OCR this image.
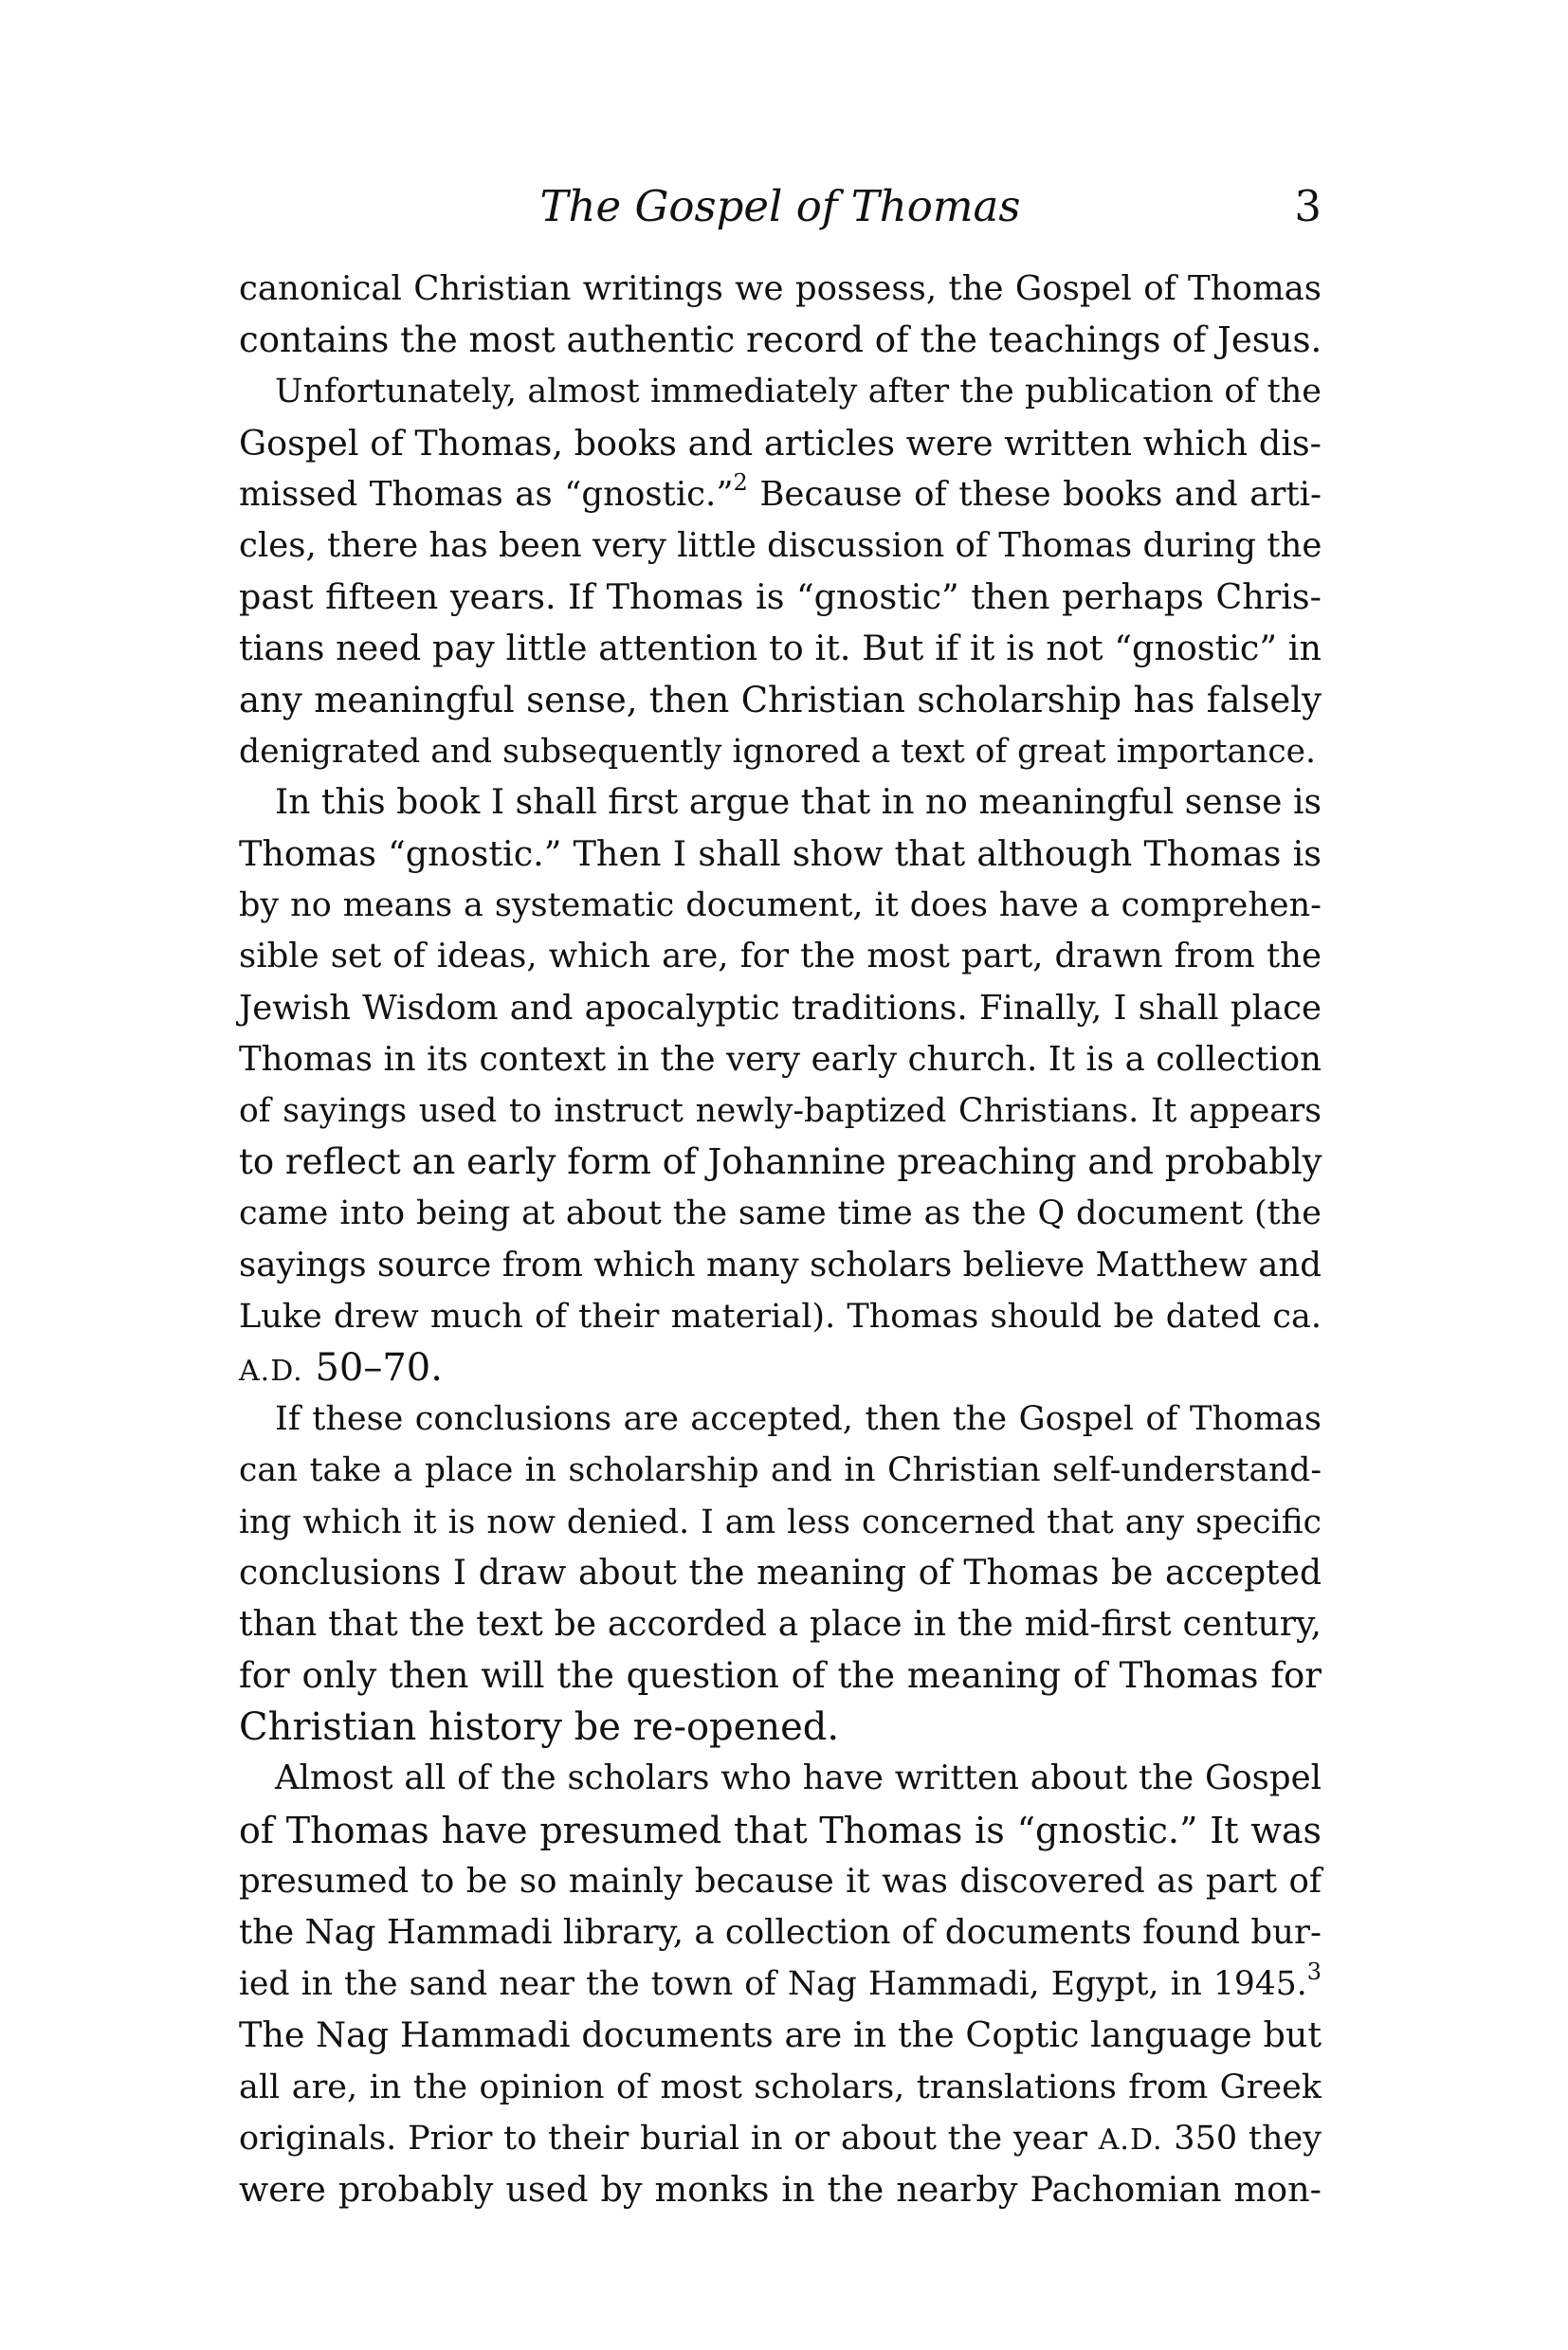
The Gospel of Thomas	3
canonical Christian writings we possess, the Gospel of Thomas
contains the most authentic record of the teachings of Jesus.
Unfortunately, almost immediately after the publication of the
Gospel of Thomas, books and articles were written which dis-
missed Thomas as “gnostic.”$^2$ Because of these books and arti-
cles, there has been very little discussion of Thomas during the
past fifteen years. If Thomas is “gnostic” then perhaps Chris-
tians need pay little attention to it. But if it is not “gnostic” in
any meaningful sense, then Christian scholarship has falsely
denigrated and subsequently ignored a text of great importance.
In this book I shall first argue that in no meaningful sense is
Thomas “gnostic.” Then I shall show that although Thomas is
by no means a systematic document, it does have a comprehen-
sible set of ideas, which are, for the most part, drawn from the
Jewish Wisdom and apocalyptic traditions. Finally, I shall place
Thomas in its context in the very early church. It is a collection
of sayings used to instruct newly-baptized Christians. It appears
to reflect an early form of Johannine preaching and probably
came into being at about the same time as the Q document (the
sayings source from which many scholars believe Matthew and
Luke drew much of their material). Thomas should be dated ca.
A.D. 50–70.
If these conclusions are accepted, then the Gospel of Thomas
can take a place in scholarship and in Christian self-understand-
ing which it is now denied. I am less concerned that any specific
conclusions I draw about the meaning of Thomas be accepted
than that the text be accorded a place in the mid-first century,
for only then will the question of the meaning of Thomas for
Christian history be re-opened.
Almost all of the scholars who have written about the Gospel
of Thomas have presumed that Thomas is “gnostic.” It was
presumed to be so mainly because it was discovered as part of
the Nag Hammadi library, a collection of documents found bur-
ied in the sand near the town of Nag Hammadi, Egypt, in 1945.$^3$
The Nag Hammadi documents are in the Coptic language but
all are, in the opinion of most scholars, translations from Greek
originals. Prior to their burial in or about the year A.D. 350 they
were probably used by monks in the nearby Pachomian mon-
